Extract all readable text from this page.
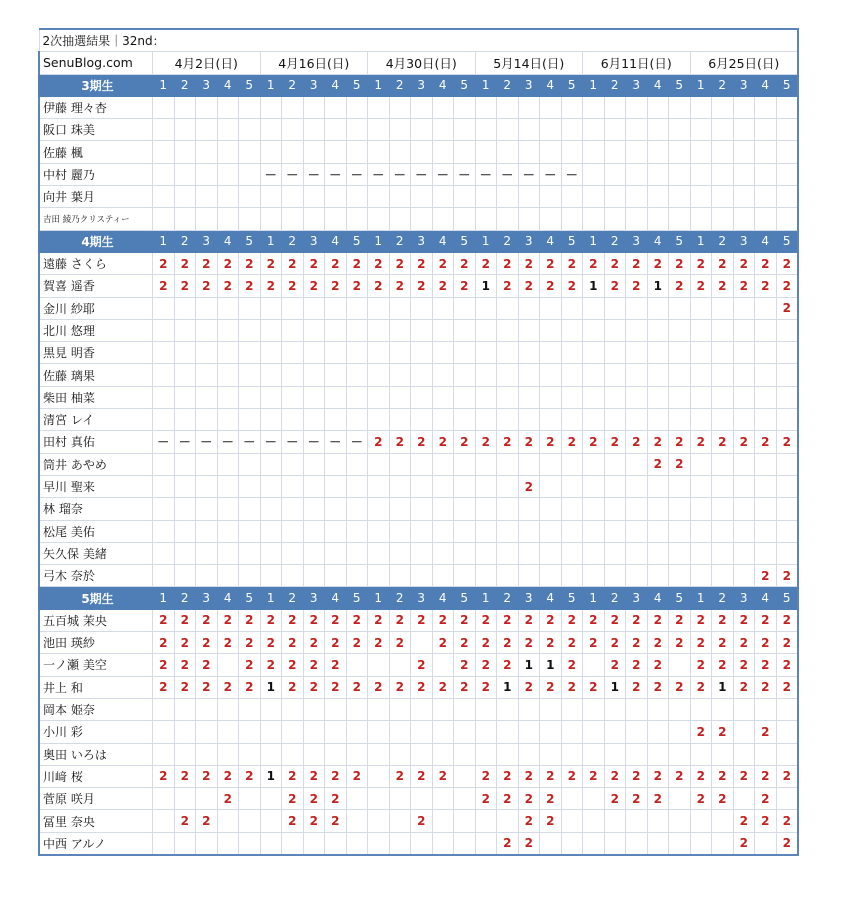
2次抽選結果｜32nd：																														
SenuBlog.com	4月2日(日)					4月16日(日)					4月30日(日)					5月14日(日)					6月11日(日)					6月25日(日)				
3期生	1	2	3	4	5	1	2	3	4	5	1	2	3	4	5	1	2	3	4	5	1	2	3	4	5	1	2	3	4	5
伊藤 理々杏																														
阪口 珠美																														
佐藤 楓																														
中村 麗乃						－	－	－	－	－	－	－	－	－	－	－	－	－	－	－										
向井 葉月																														
吉田 綾乃クリスティー																														
4期生	1	2	3	4	5	1	2	3	4	5	1	2	3	4	5	1	2	3	4	5	1	2	3	4	5	1	2	3	4	5
遠藤 さくら	2	2	2	2	2	2	2	2	2	2	2	2	2	2	2	2	2	2	2	2	2	2	2	2	2	2	2	2	2	2
賀喜 遥香	2	2	2	2	2	2	2	2	2	2	2	2	2	2	2	1	2	2	2	2	1	2	2	1	2	2	2	2	2	2
金川 紗耶																														2
北川 悠理																														
黒見 明香																														
佐藤 璃果																														
柴田 柚菜																														
清宮 レイ																														
田村 真佑	－	－	－	－	－	－	－	－	－	－	2	2	2	2	2	2	2	2	2	2	2	2	2	2	2	2	2	2	2	2
筒井 あやめ																								2	2					
早川 聖来																		2												
林 瑠奈																														
松尾 美佑																														
矢久保 美緒																														
弓木 奈於																													2	2
5期生	1	2	3	4	5	1	2	3	4	5	1	2	3	4	5	1	2	3	4	5	1	2	3	4	5	1	2	3	4	5
五百城 茉央	2	2	2	2	2	2	2	2	2	2	2	2	2	2	2	2	2	2	2	2	2	2	2	2	2	2	2	2	2	2
池田 瑛紗	2	2	2	2	2	2	2	2	2	2	2	2		2	2	2	2	2	2	2	2	2	2	2	2	2	2	2	2	2
一ノ瀬 美空	2	2	2		2	2	2	2	2				2		2	2	2	1	1	2		2	2	2		2	2	2	2	2
井上 和	2	2	2	2	2	1	2	2	2	2	2	2	2	2	2	2	1	2	2	2	2	1	2	2	2	2	1	2	2	2
岡本 姫奈																														
小川 彩																										2	2		2	
奥田 いろは																														
川﨑 桜	2	2	2	2	2	1	2	2	2	2		2	2	2		2	2	2	2	2	2	2	2	2	2	2	2	2	2	2
菅原 咲月				2			2	2	2							2	2	2	2			2	2	2		2	2		2	
冨里 奈央		2	2				2	2	2				2					2	2									2	2	2
中西 アルノ																	2	2										2		2
